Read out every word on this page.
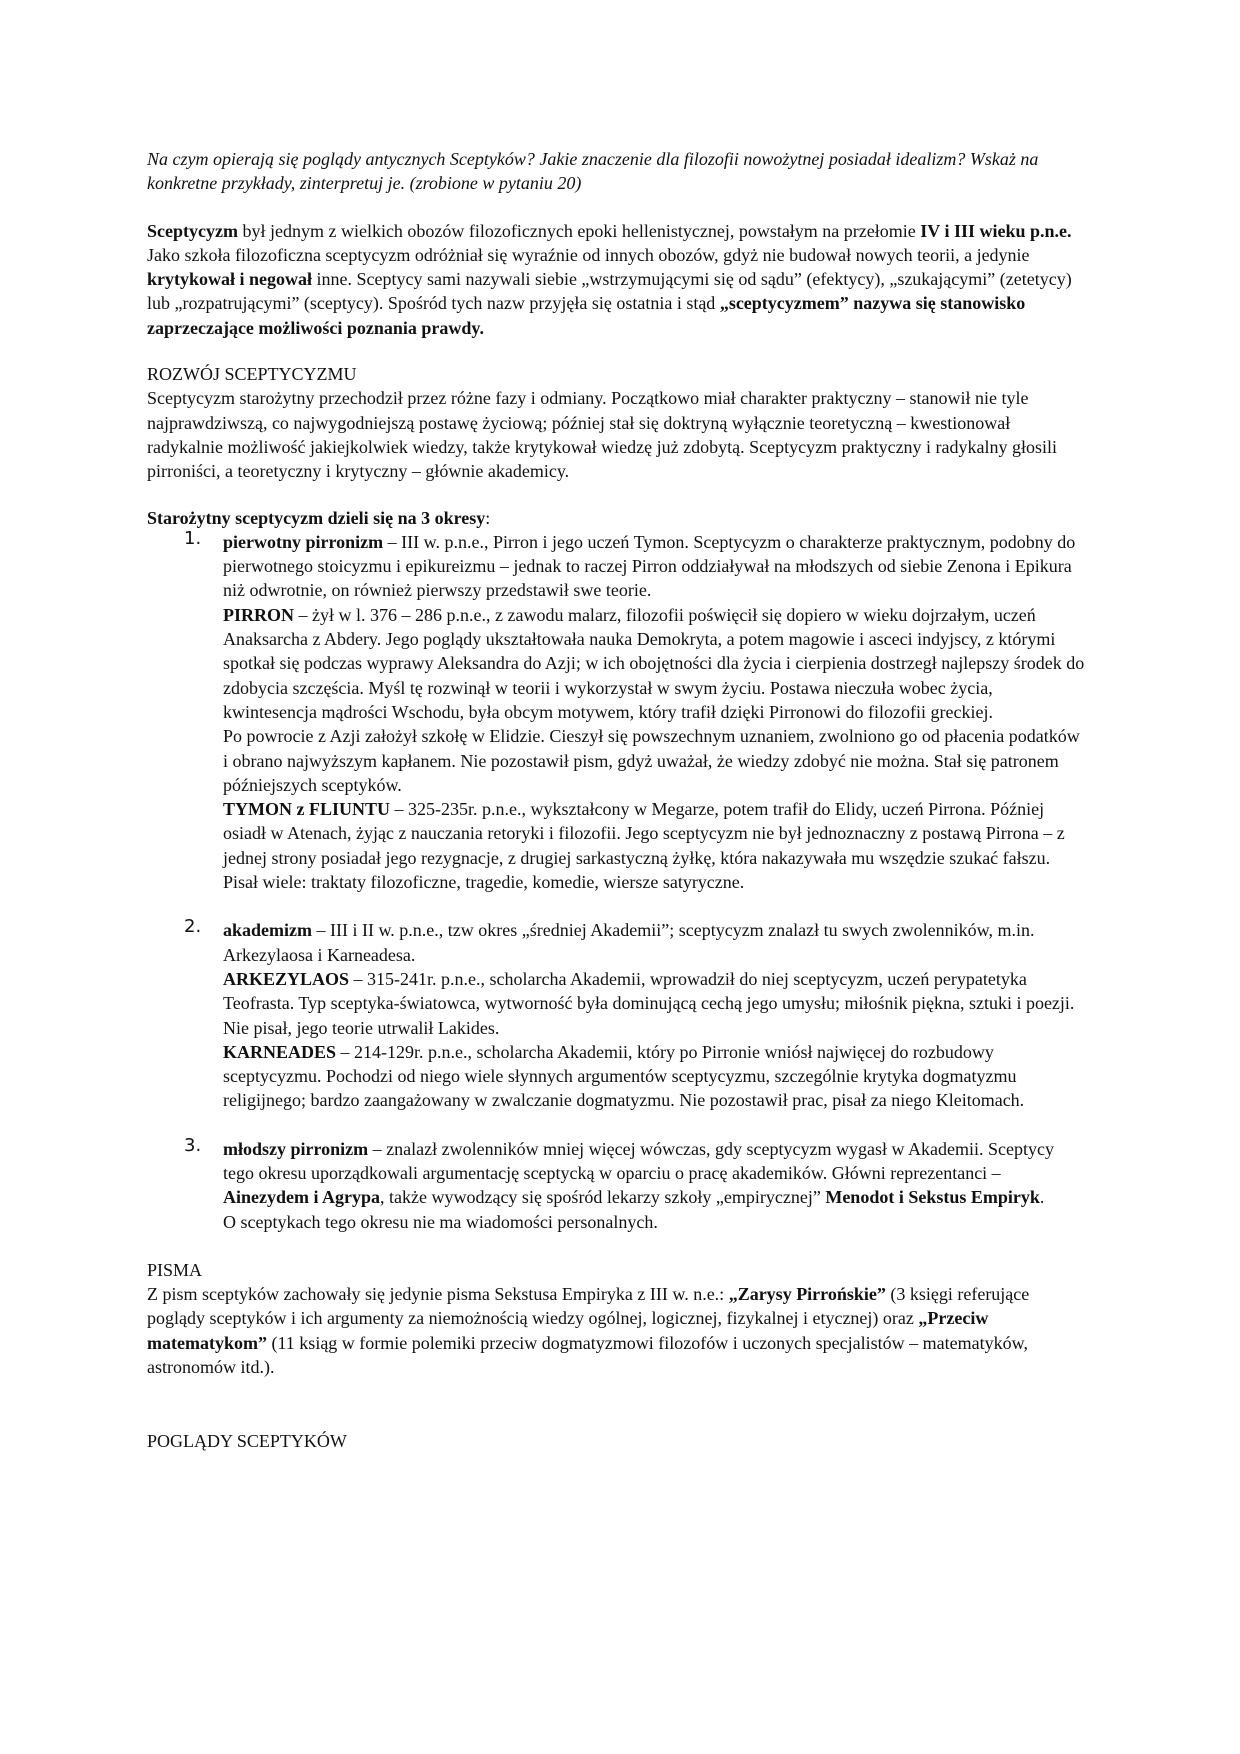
Na czym opierają się poglądy antycznych Sceptyków? Jakie znaczenie dla filozofii nowożytnej posiadał idealizm? Wskaż na konkretne przykłady, zinterpretuj je. (zrobione w pytaniu 20)

Sceptycyzm był jednym z wielkich obozów filozoficznych epoki hellenistycznej, powstałym na przełomie IV i III wieku p.n.e. Jako szkoła filozoficzna sceptycyzm odróżniał się wyraźnie od innych obozów, gdyż nie budował nowych teorii, a jedynie krytykował i negował inne. Sceptycy sami nazywali siebie „wstrzymującymi się od sądu” (efektycy), „szukającymi” (zetetycy) lub „rozpatrującymi” (sceptycy). Spośród tych nazw przyjęła się ostatnia i stąd „sceptycyzmem” nazywa się stanowisko zaprzeczające możliwości poznania prawdy.

ROZWÓJ SCEPTYCYZMU

Sceptycyzm starożytny przechodził przez różne fazy i odmiany. Początkowo miał charakter praktyczny – stanowił nie tyle najprawdziwszą, co najwygodniejszą postawę życiową; później stał się doktryną wyłącznie teoretyczną – kwestionował radykalnie możliwość jakiejkolwiek wiedzy, także krytykował wiedzę już zdobytą. Sceptycyzm praktyczny i radykalny głosili pirroniści, a teoretyczny i krytyczny – głównie akademicy.

Starożytny sceptycyzm dzieli się na 3 okresy:

1. pierwotny pirronizm – III w. p.n.e., Pirron i jego uczeń Tymon. Sceptycyzm o charakterze praktycznym, podobny do pierwotnego stoicyzmu i epikureizmu – jednak to raczej Pirron oddziaływał na młodszych od siebie Zenona i Epikura niż odwrotnie, on również pierwszy przedstawił swe teorie.

PIRRON – żył w l. 376 – 286 p.n.e., z zawodu malarz, filozofii poświęcił się dopiero w wieku dojrzałym, uczeń Anaksarcha z Abdery. Jego poglądy ukształtowała nauka Demokryta, a potem magowie i asceci indyjscy, z którymi spotkał się podczas wyprawy Aleksandra do Azji; w ich obojętności dla życia i cierpienia dostrzegł najlepszy środek do zdobycia szczęścia. Myśl tę rozwinął w teorii i wykorzystał w swym życiu. Postawa nieczuła wobec życia, kwintesencja mądrości Wschodu, była obcym motywem, który trafił dzięki Pirronowi do filozofii greckiej.

Po powrocie z Azji założył szkołę w Elidzie. Cieszył się powszechnym uznaniem, zwolniono go od płacenia podatków i obrano najwyższym kapłanem. Nie pozostawił pism, gdyż uważał, że wiedzy zdobyć nie można. Stał się patronem późniejszych sceptyków.

TYMON z FLIUNTU – 325-235r. p.n.e., wykształcony w Megarze, potem trafił do Elidy, uczeń Pirrona. Później osiadł w Atenach, żyjąc z nauczania retoryki i filozofii. Jego sceptycyzm nie był jednoznaczny z postawą Pirrona – z jednej strony posiadał jego rezygnacje, z drugiej sarkastyczną żyłkę, która nakazywała mu wszędzie szukać fałszu. Pisał wiele: traktaty filozoficzne, tragedie, komedie, wiersze satyryczne.

2. akademizm – III i II w. p.n.e., tzw okres „średniej Akademii”; sceptycyzm znalazł tu swych zwolenników, m.in. Arkezylaosa i Karneadesa.

ARKEZYLAOS – 315-241r. p.n.e., scholarcha Akademii, wprowadził do niej sceptycyzm, uczeń perypatetyka Teofrasta. Typ sceptyka-światowca, wytworność była dominującą cechą jego umysłu; miłośnik piękna, sztuki i poezji. Nie pisał, jego teorie utrwalił Lakides.

KARNEADES – 214-129r. p.n.e., scholarcha Akademii, który po Pirronie wniósł najwięcej do rozbudowy sceptycyzmu. Pochodzi od niego wiele słynnych argumentów sceptycyzmu, szczególnie krytyka dogmatyzmu religijnego; bardzo zaangażowany w zwalczanie dogmatyzmu. Nie pozostawił prac, pisał za niego Kleitomach.

3. młodszy pirronizm – znalazł zwolenników mniej więcej wówczas, gdy sceptycyzm wygasł w Akademii. Sceptycy tego okresu uporządkowali argumentację sceptycką w oparciu o pracę akademików. Główni reprezentanci – Ainezydem i Agrypa, także wywodzący się spośród lekarzy szkoły „empirycznej” Menodot i Sekstus Empiryk.

O sceptykach tego okresu nie ma wiadomości personalnych.

PISMA

Z pism sceptyków zachowały się jedynie pisma Sekstusa Empiryka z III w. n.e.: „Zarysy Pirrońskie” (3 księgi referujące poglądy sceptyków i ich argumenty za niemożnością wiedzy ogólnej, logicznej, fizykalnej i etycznej) oraz „Przeciw matematykom” (11 ksiąg w formie polemiki przeciw dogmatyzmowi filozofów i uczonych specjalistów – matematyków, astronomów itd.).

POGLĄDY SCEPTYKÓW
